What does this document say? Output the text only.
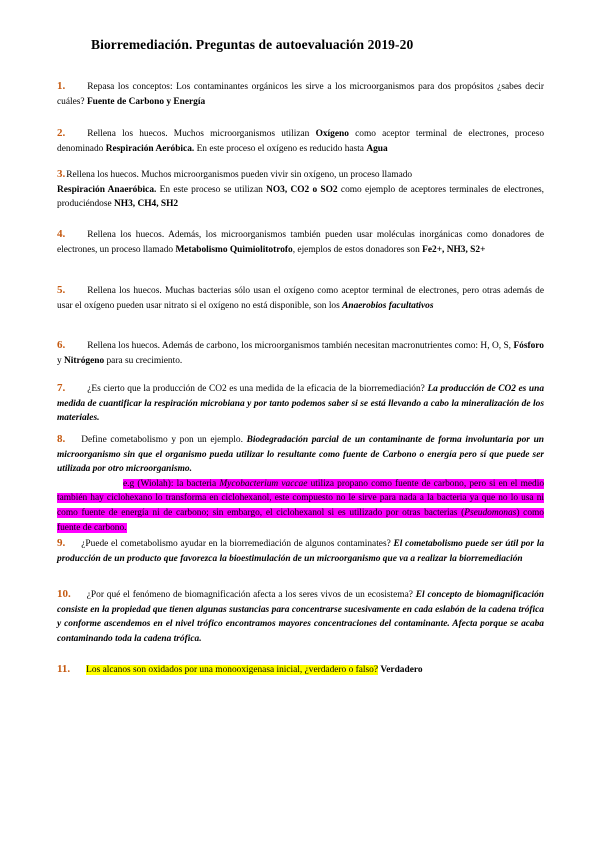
Biorremediación. Preguntas de autoevaluación 2019-20
1. Repasa los conceptos: Los contaminantes orgánicos les sirve a los microorganismos para dos propósitos ¿sabes decir cuáles? Fuente de Carbono y Energía
2. Rellena los huecos. Muchos microorganismos utilizan Oxígeno como aceptor terminal de electrones, proceso denominado Respiración Aeróbica. En este proceso el oxígeno es reducido hasta Agua
3.Rellena los huecos. Muchos microorganismos pueden vivir sin oxígeno, un proceso llamado
Respiración Anaeróbica. En este proceso se utilizan NO3, CO2 o SO2 como ejemplo de aceptores terminales de electrones, produciéndose NH3, CH4, SH2
4. Rellena los huecos. Además, los microorganismos también pueden usar moléculas inorgánicas como donadores de electrones, un proceso llamado Metabolismo Quimiolitotrofo, ejemplos de estos donadores son Fe2+, NH3, S2+
5. Rellena los huecos. Muchas bacterias sólo usan el oxígeno como aceptor terminal de electrones, pero otras además de usar el oxígeno pueden usar nitrato si el oxígeno no está disponible, son los Anaerobios facultativos
6. Rellena los huecos. Además de carbono, los microorganismos también necesitan macronutrientes como: H, O, S, Fósforo y Nitrógeno para su crecimiento.
7. ¿Es cierto que la producción de CO2 es una medida de la eficacia de la biorremediación? La producción de CO2 es una medida de cuantificar la respiración microbiana y por tanto podemos saber si se está llevando a cabo la mineralización de los materiales.
8. Define cometabolismo y pon un ejemplo. Biodegradación parcial de un contaminante de forma involuntaria por un microorganismo sin que el organismo pueda utilizar lo resultante como fuente de Carbono o energía pero sí que puede ser utilizada por otro microorganismo.
e.g (Wiolah): la bacteria Mycobacterium vaccae utiliza propano como fuente de carbono, pero si en el medio también hay ciclohexano lo transforma en ciclohexanol, este compuesto no le sirve para nada a la bacteria ya que no lo usa ni como fuente de energía ni de carbono; sin embargo, el ciclohexanol si es utilizado por otras bacterias (Pseudomonas) como fuente de carbono.
9. ¿Puede el cometabolismo ayudar en la biorremediación de algunos contaminates? El cometabolismo puede ser útil por la producción de un producto que favorezca la bioestimulación de un microorganismo que va a realizar la biorremediación
10. ¿Por qué el fenómeno de biomagnificación afecta a los seres vivos de un ecosistema? El concepto de biomagnificación consiste en la propiedad que tienen algunas sustancias para concentrarse sucesivamente en cada eslabón de la cadena trófica y conforme ascendemos en el nivel trófico encontramos mayores concentraciones del contaminante. Afecta porque se acaba contaminando toda la cadena trófica.
11. Los alcanos son oxidados por una monooxigenasa inicial, ¿verdadero o falso? Verdadero
